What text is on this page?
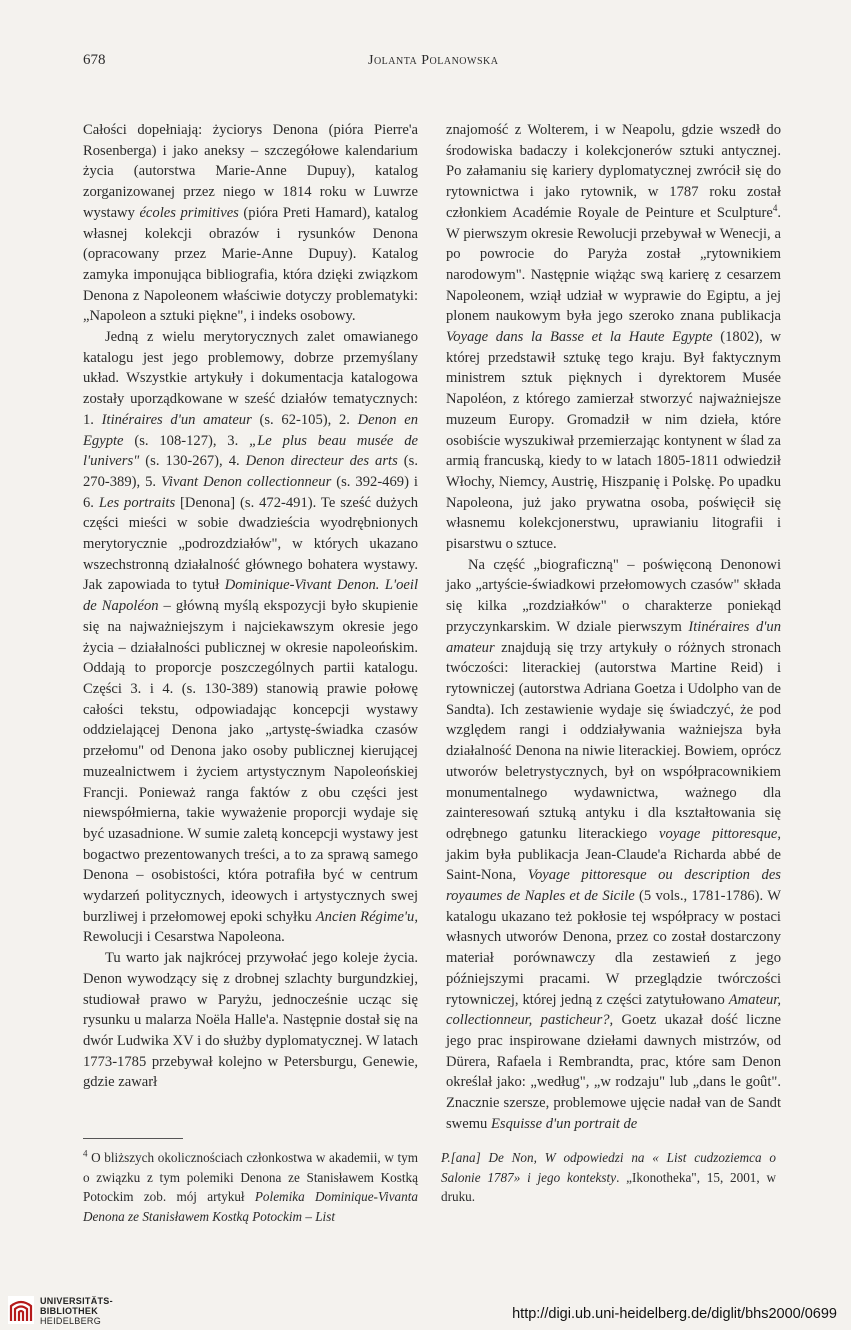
678	Jolanta Polanowska

Całości dopełniają: życiorys Denona (pióra Pierre'a Rosenberga) i jako aneksy – szczegółowe kalendarium życia (autorstwa Marie-Anne Dupuy), katalog zorganizowanej przez niego w 1814 roku w Luwrze wystawy écoles primitives (pióra Preti Hamard), katalog własnej kolekcji obrazów i rysunków Denona (opracowany przez Marie-Anne Dupuy). Katalog zamyka imponująca bibliografia, która dzięki związkom Denona z Napoleonem właściwie dotyczy problematyki: „Napoleon a sztuki piękne", i indeks osobowy.

Jedną z wielu merytorycznych zalet omawianego katalogu jest jego problemowy, dobrze przemyślany układ. Wszystkie artykuły i dokumentacja katalogowa zostały uporządkowane w sześć działów tematycznych: 1. Itinéraires d'un amateur (s. 62-105), 2. Denon en Egypte (s. 108-127), 3. „Le plus beau musée de l'univers" (s. 130-267), 4. Denon directeur des arts (s. 270-389), 5. Vivant Denon collectionneur (s. 392-469) i 6. Les portraits [Denona] (s. 472-491). Te sześć dużych części mieści w sobie dwadzieścia wyodrębnionych merytorycznie „podrozdziałów", w których ukazano wszechstronną działalność głównego bohatera wystawy. Jak zapowiada to tytuł Dominique-Vivant Denon. L'oeil de Napoléon – główną myślą ekspozycji było skupienie się na najważniejszym i najciekawszym okresie jego życia – działalności publicznej w okresie napoleońskim. Oddają to proporcje poszczególnych partii katalogu. Części 3. i 4. (s. 130-389) stanowią prawie połowę całości tekstu, odpowiadając koncepcji wystawy oddzielającej Denona jako „artystę-świadka czasów przełomu" od Denona jako osoby publicznej kierującej muzealnictwem i życiem artystycznym Napoleońskiej Francji. Ponieważ ranga faktów z obu części jest niewspółmierna, takie wyważenie proporcji wydaje się być uzasadnione. W sumie zaletą koncepcji wystawy jest bogactwo prezentowanych treści, a to za sprawą samego Denona – osobistości, która potrafiła być w centrum wydarzeń politycznych, ideowych i artystycznych swej burzliwej i przełomowej epoki schyłku Ancien Régime'u, Rewolucji i Cesarstwa Napoleona.

Tu warto jak najkrócej przywołać jego koleje życia. Denon wywodzący się z drobnej szlachty burgundzkiej, studiował prawo w Paryżu, jednocześnie ucząc się rysunku u malarza Noëla Halle'a. Następnie dostał się na dwór Ludwika XV i do służby dyplomatycznej. W latach 1773-1785 przebywał kolejno w Petersburgu, Genewie, gdzie zawarł

znajomość z Wolterem, i w Neapolu, gdzie wszedł do środowiska badaczy i kolekcjonerów sztuki antycznej. Po załamaniu się kariery dyplomatycznej zwrócił się do rytownictwa i jako rytownik, w 1787 roku został członkiem Académie Royale de Peinture et Sculpture$^4$. W pierwszym okresie Rewolucji przebywał w Wenecji, a po powrocie do Paryża został „rytownikiem narodowym". Następnie wiążąc swą karierę z cesarzem Napoleonem, wziął udział w wyprawie do Egiptu, a jej plonem naukowym była jego szeroko znana publikacja Voyage dans la Basse et la Haute Egypte (1802), w której przedstawił sztukę tego kraju. Był faktycznym ministrem sztuk pięknych i dyrektorem Musée Napoléon, z którego zamierzał stworzyć najważniejsze muzeum Europy. Gromadził w nim dzieła, które osobiście wyszukiwał przemierzając kontynent w ślad za armią francuską, kiedy to w latach 1805-1811 odwiedził Włochy, Niemcy, Austrię, Hiszpanię i Polskę. Po upadku Napoleona, już jako prywatna osoba, poświęcił się własnemu kolekcjonerstwu, uprawianiu litografii i pisarstwu o sztuce.

Na część „biograficzną" – poświęconą Denonowi jako „artyście-świadkowi przełomowych czasów" składa się kilka „rozdziałków" o charakterze poniekąd przyczynkarskim. W dziale pierwszym Itinéraires d'un amateur znajdują się trzy artykuły o różnych stronach twóczości: literackiej (autorstwa Martine Reid) i rytowniczej (autorstwa Adriana Goetza i Udolpho van de Sandta). Ich zestawienie wydaje się świadczyć, że pod względem rangi i oddziaływania ważniejsza była działalność Denona na niwie literackiej. Bowiem, oprócz utworów beletrystycznych, był on współpracownikiem monumentalnego wydawnictwa, ważnego dla zainteresowań sztuką antyku i dla kształtowania się odrębnego gatunku literackiego voyage pittoresque, jakim była publikacja Jean-Claude'a Richarda abbé de Saint-Nona, Voyage pittoresque ou description des royaumes de Naples et de Sicile (5 vols., 1781-1786). W katalogu ukazano też pokłosie tej współpracy w postaci własnych utworów Denona, przez co został dostarczony materiał porównawczy dla zestawień z jego późniejszymi pracami. W przeglądzie twórczości rytowniczej, której jedną z części zatytułowano Amateur, collectionneur, pasticheur?, Goetz ukazał dość liczne jego prac inspirowane dziełami dawnych mistrzów, od Dürera, Rafaela i Rembrandta, prac, które sam Denon określał jako: „według", „w rodzaju" lub „dans le goût". Znacznie szersze, problemowe ujęcie nadał van de Sandt swemu Esquisse d'un portrait de

$^4$ O bliższych okolicznościach członkostwa w akademii, w tym o związku z tym polemiki Denona ze Stanisławem Kostką Potockim zob. mój artykuł Polemika Dominique-Vivanta Denona ze Stanisławem Kostką Potockim – List
P.[ana] De Non, W odpowiedzi na « List cudzoziemca o Salonie 1787» i jego konteksty. „Ikonotheka", 15, 2001, w druku.
UNIVERSITÄTS-
BIBLIOTHEK
HEIDELBERG	http://digi.ub.uni-heidelberg.de/diglit/bhs2000/0699
